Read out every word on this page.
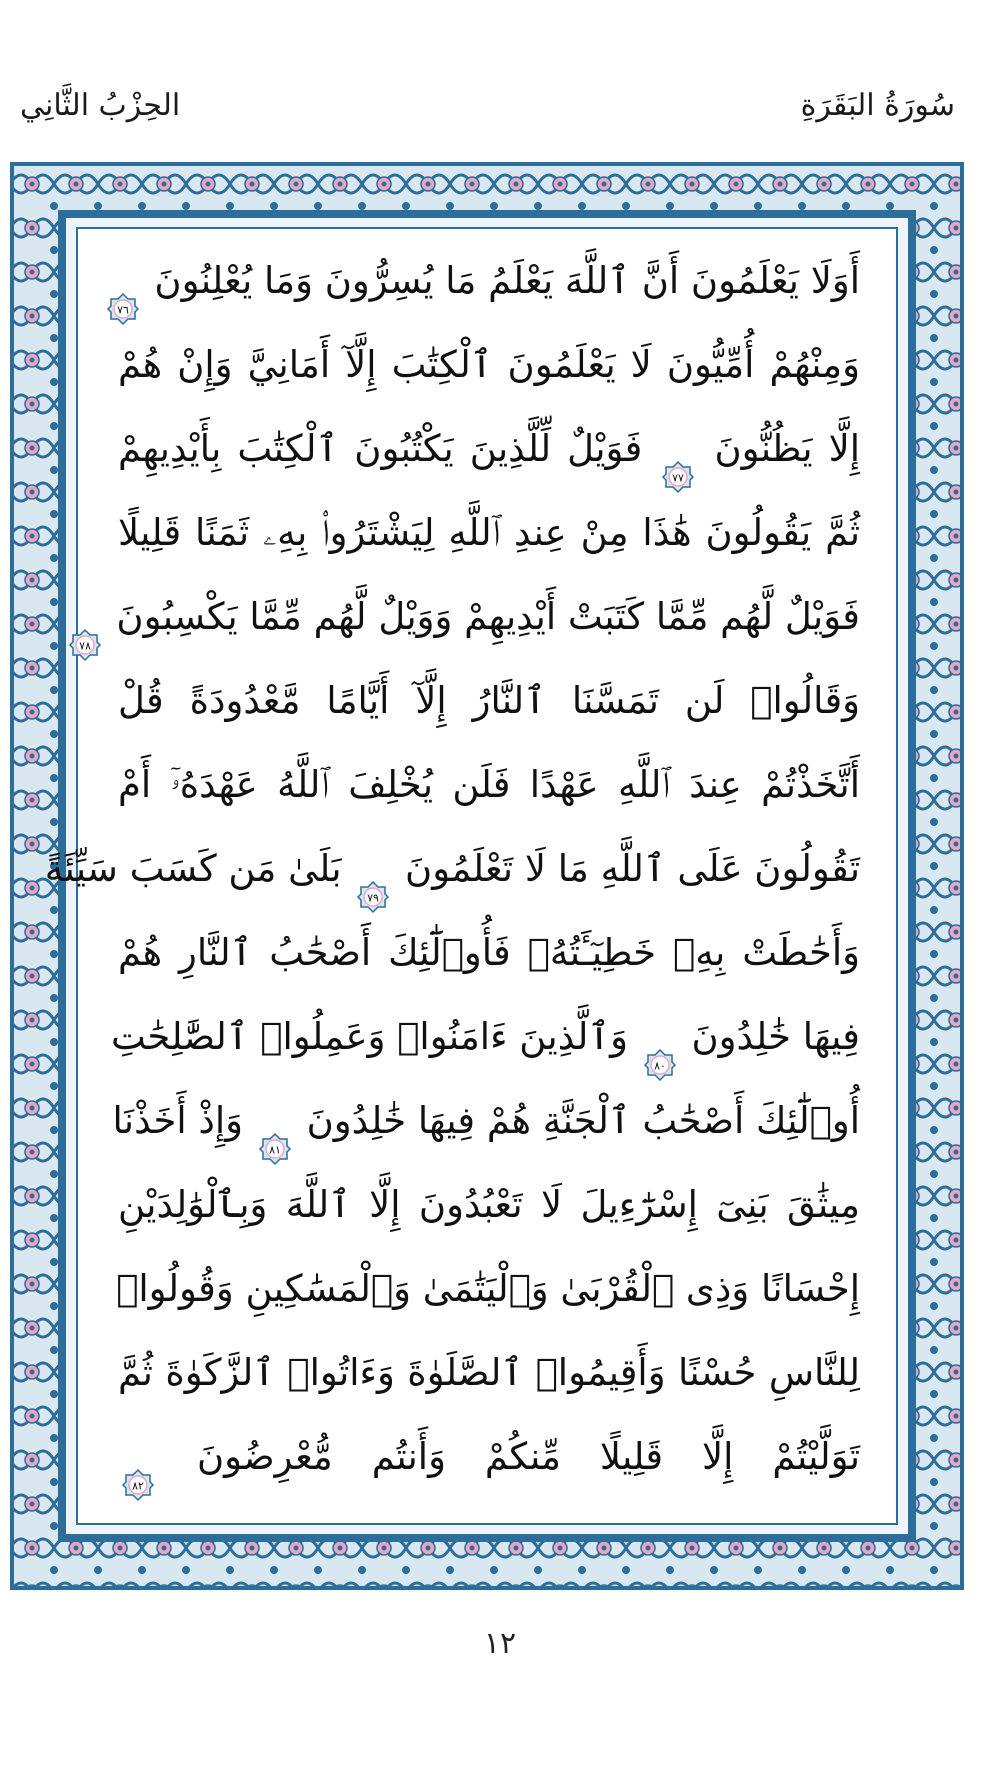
الحِزْبُ الثَّانِي	سُورَةُ البَقَرَةِ
أَوَلَا يَعْلَمُونَ أَنَّ ٱللَّهَ يَعْلَمُ مَا يُسِرُّونَ وَمَا يُعْلِنُونَ
٧٦
وَمِنْهُمْ أُمِّيُّونَ لَا يَعْلَمُونَ ٱلْكِتَٰبَ إِلَّآ أَمَانِيَّ وَإِنْ هُمْ
إِلَّا يَظُنُّونَ
٧٧
فَوَيْلٌ لِّلَّذِينَ يَكْتُبُونَ ٱلْكِتَٰبَ بِأَيْدِيهِمْ
ثُمَّ يَقُولُونَ هَٰذَا مِنْ عِندِ ٱللَّهِ لِيَشْتَرُوا۟ بِهِۦ ثَمَنًا قَلِيلًا
فَوَيْلٌ لَّهُم مِّمَّا كَتَبَتْ أَيْدِيهِمْ وَوَيْلٌ لَّهُم مِّمَّا يَكْسِبُونَ
٧٨
وَقَالُوا۟ لَن تَمَسَّنَا ٱلنَّارُ إِلَّآ أَيَّامًا مَّعْدُودَةً قُلْ
أَتَّخَذْتُمْ عِندَ ٱللَّهِ عَهْدًا فَلَن يُخْلِفَ ٱللَّهُ عَهْدَهُۥٓ أَمْ
تَقُولُونَ عَلَى ٱللَّهِ مَا لَا تَعْلَمُونَ
٧٩
بَلَىٰ مَن كَسَبَ سَيِّئَةً
وَأَحَٰطَتْ بِهِۦ خَطِيٓـَٔتُهُۥ فَأُو۟لَٰٓئِكَ أَصْحَٰبُ ٱلنَّارِ هُمْ
فِيهَا خَٰلِدُونَ
٨٠
وَٱلَّذِينَ ءَامَنُوا۟ وَعَمِلُوا۟ ٱلصَّٰلِحَٰتِ
أُو۟لَٰٓئِكَ أَصْحَٰبُ ٱلْجَنَّةِ هُمْ فِيهَا خَٰلِدُونَ
٨١
وَإِذْ أَخَذْنَا
مِيثَٰقَ بَنِىٓ إِسْرَٰٓءِيلَ لَا تَعْبُدُونَ إِلَّا ٱللَّهَ وَبِٱلْوَٰلِدَيْنِ
إِحْسَانًا وَذِى ٱلْقُرْبَىٰ وَٱلْيَتَٰمَىٰ وَٱلْمَسَٰكِينِ وَقُولُوا۟
لِلنَّاسِ حُسْنًا وَأَقِيمُوا۟ ٱلصَّلَوٰةَ وَءَاتُوا۟ ٱلزَّكَوٰةَ ثُمَّ
تَوَلَّيْتُمْ إِلَّا قَلِيلًا مِّنكُمْ وَأَنتُم مُّعْرِضُونَ
٨٢
١٢
